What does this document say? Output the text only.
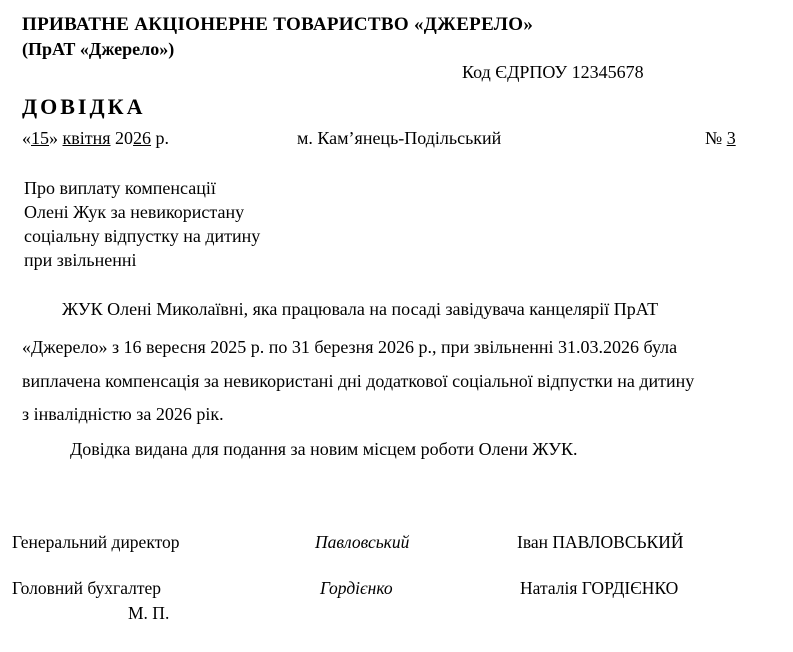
ПРИВАТНЕ АКЦІОНЕРНЕ ТОВАРИСТВО «ДЖЕРЕЛО»
(ПрАТ «Джерело»)
Код ЄДРПОУ 12345678
ДОВІДКА
«15» квітня 2026 р.	м. Кам’янець-Подільський	№ 3
Про виплату компенсації
Олені Жук за невикористану
соціальну відпустку на дитину
при звільненні
ЖУК Олені Миколаївні, яка працювала на посаді завідувача канцелярії ПрАТ
«Джерело» з 16 вересня 2025 р. по 31 березня 2026 р., при звільненні 31.03.2026 була
виплачена компенсація за невикористані дні додаткової соціальної відпустки на дитину
з інвалідністю за 2026 рік.
Довідка видана для подання за новим місцем роботи Олени ЖУК.
Генеральний директор	Павловський	Іван ПАВЛОВСЬКИЙ
Головний бухгалтер	Гордієнко	Наталія ГОРДІЄНКО
М. П.
